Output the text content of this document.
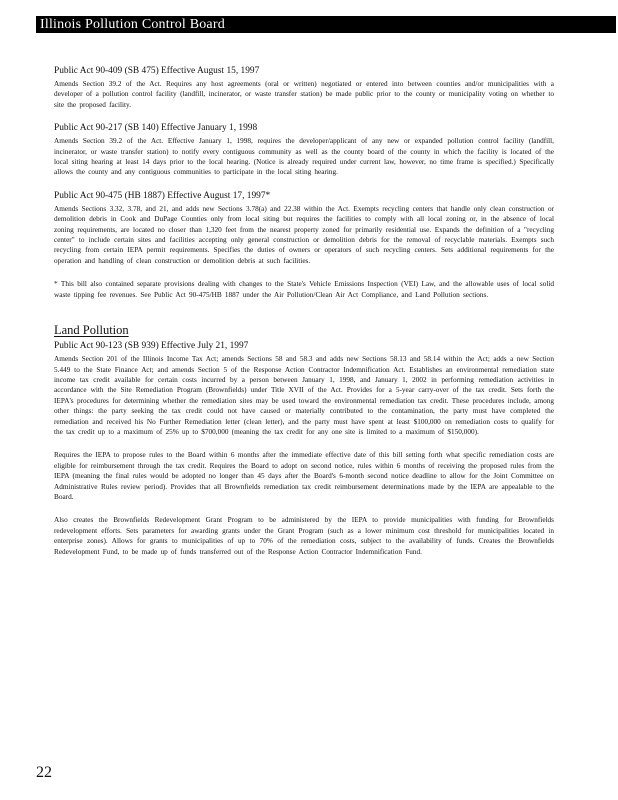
Illinois Pollution Control Board
Public Act 90-409 (SB 475) Effective August 15, 1997

Amends Section 39.2 of the Act. Requires any host agreements (oral or written) negotiated or entered into between counties and/or municipalities with a developer of a pollution control facility (landfill, incinerator, or waste transfer station) be made public prior to the county or municipality voting on whether to site the proposed facility.

Public Act 90-217 (SB 140) Effective January 1, 1998

Amends Section 39.2 of the Act. Effective January 1, 1998, requires the developer/applicant of any new or expanded pollution control facility (landfill, incinerator, or waste transfer station) to notify every contiguous community as well as the county board of the county in which the facility is located of the local siting hearing at least 14 days prior to the local hearing. (Notice is already required under current law, however, no time frame is specified.) Specifically allows the county and any contiguous communities to participate in the local siting hearing.

Public Act 90-475 (HB 1887) Effective August 17, 1997*

Amends Sections 3.32, 3.78, and 21, and adds new Sections 3.78(a) and 22.38 within the Act. Exempts recycling centers that handle only clean construction or demolition debris in Cook and DuPage Counties only from local siting but requires the facilities to comply with all local zoning or, in the absence of local zoning requirements, are located no closer than 1,320 feet from the nearest property zoned for primarily residential use. Expands the definition of a "recycling center" to include certain sites and facilities accepting only general construction or demolition debris for the removal of recyclable materials. Exempts such recycling from certain IEPA permit requirements. Specifies the duties of owners or operators of such recycling centers. Sets additional requirements for the operation and handling of clean construction or demolition debris at such facilities.

* This bill also contained separate provisions dealing with changes to the State's Vehicle Emissions Inspection (VEI) Law, and the allowable uses of local solid waste tipping fee revenues. See Public Act 90-475/HB 1887 under the Air Pollution/Clean Air Act Compliance, and Land Pollution sections.

Land Pollution
Public Act 90-123 (SB 939) Effective July 21, 1997

Amends Section 201 of the Illinois Income Tax Act; amends Sections 58 and 58.3 and adds new Sections 58.13 and 58.14 within the Act; adds a new Section 5.449 to the State Finance Act; and amends Section 5 of the Response Action Contractor Indemnification Act. Establishes an environmental remediation state income tax credit available for certain costs incurred by a person between January 1, 1998, and January 1, 2002 in performing remediation activities in accordance with the Site Remediation Program (Brownfields) under Title XVII of the Act. Provides for a 5-year carry-over of the tax credit. Sets forth the IEPA's procedures for determining whether the remediation sites may be used toward the environmental remediation tax credit. These procedures include, among other things: the party seeking the tax credit could not have caused or materially contributed to the contamination, the party must have completed the remediation and received his No Further Remediation letter (clean letter), and the party must have spent at least $100,000 on remediation costs to qualify for the tax credit up to a maximum of 25% up to $700,000 (meaning the tax credit for any one site is limited to a maximum of $150,000).

Requires the IEPA to propose rules to the Board within 6 months after the immediate effective date of this bill setting forth what specific remediation costs are eligible for reimbursement through the tax credit. Requires the Board to adopt on second notice, rules within 6 months of receiving the proposed rules from the IEPA (meaning the final rules would be adopted no longer than 45 days after the Board's 6-month second notice deadline to allow for the Joint Committee on Administrative Rules review period). Provides that all Brownfields remediation tax credit reimbursement determinations made by the IEPA are appealable to the Board.

Also creates the Brownfields Redevelopment Grant Program to be administered by the IEPA to provide municipalities with funding for Brownfields redevelopment efforts. Sets parameters for awarding grants under the Grant Program (such as a lower minimum cost threshold for municipalities located in enterprise zones). Allows for grants to municipalities of up to 70% of the remediation costs, subject to the availability of funds. Creates the Brownfields Redevelopment Fund, to be made up of funds transferred out of the Response Action Contractor Indemnification Fund.

22
